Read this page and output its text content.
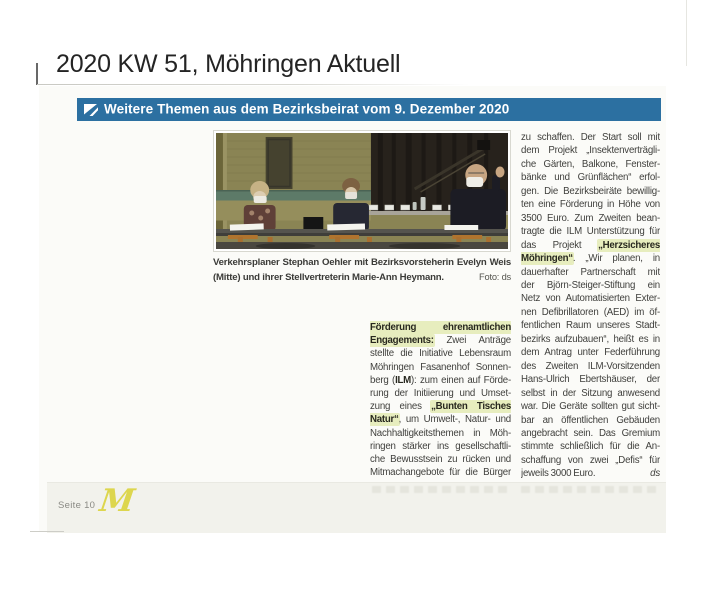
2020 KW 51, Möhringen Aktuell
Weitere Themen aus dem Bezirksbeirat vom 9. Dezember 2020
Verkehrsplaner Stephan Oehler mit Bezirksvorsteherin Evelyn Weis
(Mitte) und ihrer Stellvertreterin Marie-Ann Heymann.	Foto: ds
Förderung ehrenamtlichen
Engagements: Zwei Anträge
stellte die Initiative Lebensraum
Möhringen Fasanenhof Sonnen-
berg (ILM): zum einen auf Förde-
rung der Initiierung und Umset-
zung eines „Bunten Tisches
Natur“, um Umwelt-, Natur- und
Nachhaltigkeitsthemen in Möh-
ringen stärker ins gesellschaftli-
che Bewusstsein zu rücken und
Mitmachangebote für die Bürger
zu schaffen. Der Start soll mit
dem Projekt „Insektenverträgli-
che Gärten, Balkone, Fenster-
bänke und Grünflächen“ erfol-
gen. Die Bezirksbeiräte bewillig-
ten eine Förderung in Höhe von
3500 Euro. Zum Zweiten bean-
tragte die ILM Unterstützung für
das Projekt „Herzsicheres
Möhringen“. „Wir planen, in
dauerhafter Partnerschaft mit
der Björn-Steiger-Stiftung ein
Netz von Automatisierten Exter-
nen Defibrillatoren (AED) im öf-
fentlichen Raum unseres Stadt-
bezirks aufzubauen“, heißt es in
dem Antrag unter Federführung
des Zweiten ILM-Vorsitzenden
Hans-Ulrich Ebertshäuser, der
selbst in der Sitzung anwesend
war. Die Geräte sollten gut sicht-
bar an öffentlichen Gebäuden
angebracht sein. Das Gremium
stimmte schließlich für die An-
schaffung von zwei „Defis“ für
jeweils 3000 Euro.	ds
Seite 10 M
